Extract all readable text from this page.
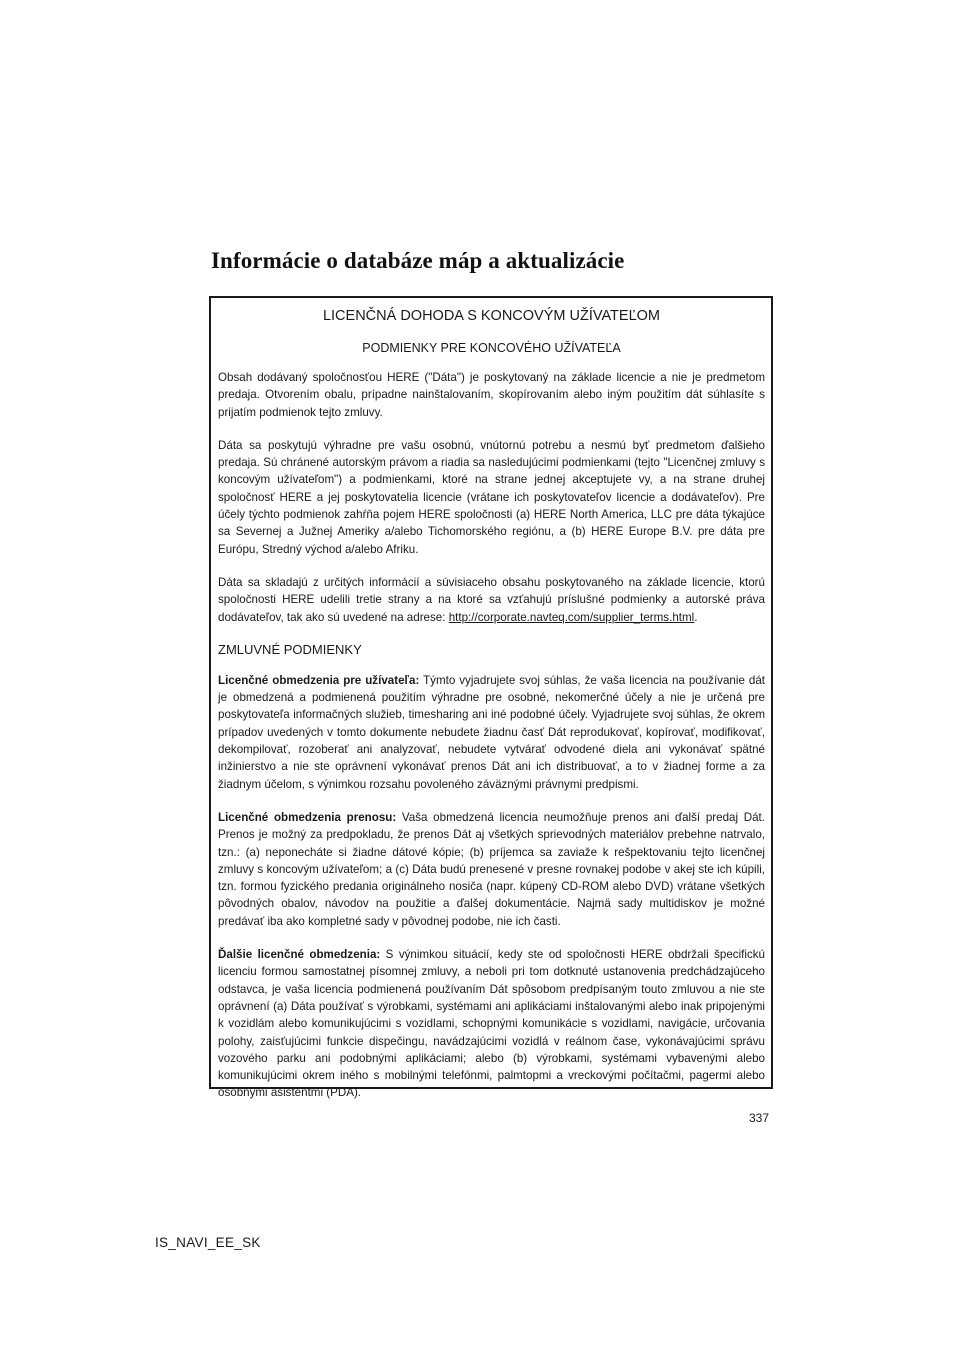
Informácie o databáze máp a aktualizácie
LICENČNÁ DOHODA S KONCOVÝM UŽÍVATEĽOM
PODMIENKY PRE KONCOVÉHO UŽÍVATEĽA

Obsah dodávaný spoločnosťou HERE ("Dáta") je poskytovaný na základe licencie a nie je predmetom predaja. Otvorením obalu, prípadne nainštalovaním, skopírovaním alebo iným použitím dát súhlasíte s prijatím podmienok tejto zmluvy.

Dáta sa poskytujú výhradne pre vašu osobnú, vnútornú potrebu a nesmú byť predmetom ďalšieho predaja. Sú chránené autorským právom a riadia sa nasledujúcimi podmienkami (tejto "Licenčnej zmluvy s koncovým užívateľom") a podmienkami, ktoré na strane jednej akceptujete vy, a na strane druhej spoločnosť HERE a jej poskytovatelia licencie (vrátane ich poskytovateľov licencie a dodávateľov). Pre účely týchto podmienok zahŕňa pojem HERE spoločnosti (a) HERE North America, LLC pre dáta týkajúce sa Severnej a Južnej Ameriky a/alebo Tichomorského regiónu, a (b) HERE Europe B.V. pre dáta pre Európu, Stredný východ a/alebo Afriku.

Dáta sa skladajú z určitých informácií a súvisiaceho obsahu poskytovaného na základe licencie, ktorú spoločnosti HERE udelili tretie strany a na ktoré sa vzťahujú príslušné podmienky a autorské práva dodávateľov, tak ako sú uvedené na adrese: http://corporate.navteq.com/supplier_terms.html.

ZMLUVNÉ PODMIENKY

Licenčné obmedzenia pre užívateľa: Týmto vyjadrujete svoj súhlas, že vaša licencia na používanie dát je obmedzená a podmienená použitím výhradne pre osobné, nekomerčné účely a nie je určená pre poskytovateľa informačných služieb, timesharing ani iné podobné účely. Vyjadrujete svoj súhlas, že okrem prípadov uvedených v tomto dokumente nebudete žiadnu časť Dát reprodukovať, kopírovať, modifikovať, dekompilovať, rozoberať ani analyzovať, nebudete vytvárať odvodené diela ani vykonávať spätné inžinierstvo a nie ste oprávnení vykonávať prenos Dát ani ich distribuovať, a to v žiadnej forme a za žiadnym účelom, s výnimkou rozsahu povoleného záväznými právnymi predpismi.

Licenčné obmedzenia prenosu: Vaša obmedzená licencia neumožňuje prenos ani ďalší predaj Dát. Prenos je možný za predpokladu, že prenos Dát aj všetkých sprievodných materiálov prebehne natrvalo, tzn.: (a) neponecháte si žiadne dátové kópie; (b) príjemca sa zaviaže k rešpektovaniu tejto licenčnej zmluvy s koncovým užívateľom; a (c) Dáta budú prenesené v presne rovnakej podobe v akej ste ich kúpili, tzn. formou fyzického predania originálneho nosiča (napr. kúpený CD-ROM alebo DVD) vrátane všetkých pôvodných obalov, návodov na použitie a ďalšej dokumentácie. Najmä sady multidiskov je možné predávať iba ako kompletné sady v pôvodnej podobe, nie ich časti.

Ďalšie licenčné obmedzenia: S výnimkou situácií, kedy ste od spoločnosti HERE obdržali špecifickú licenciu formou samostatnej písomnej zmluvy, a neboli pri tom dotknuté ustanovenia predchádzajúceho odstavca, je vaša licencia podmienená používaním Dát spôsobom predpísaným touto zmluvou a nie ste oprávnení (a) Dáta používať s výrobkami, systémami ani aplikáciami inštalovanými alebo inak pripojenými k vozidlám alebo komunikujúcimi s vozidlami, schopnými komunikácie s vozidlami, navigácie, určovania polohy, zaisťujúcimi funkcie dispečingu, navádzajúcimi vozidlá v reálnom čase, vykonávajúcimi správu vozového parku ani podobnými aplikáciami; alebo (b) výrobkami, systémami vybavenými alebo komunikujúcimi okrem iného s mobilnými telefónmi, palmtopmi a vreckovými počítačmi, pagermi alebo osobnými asistentmi (PDA).

337
IS_NAVI_EE_SK
